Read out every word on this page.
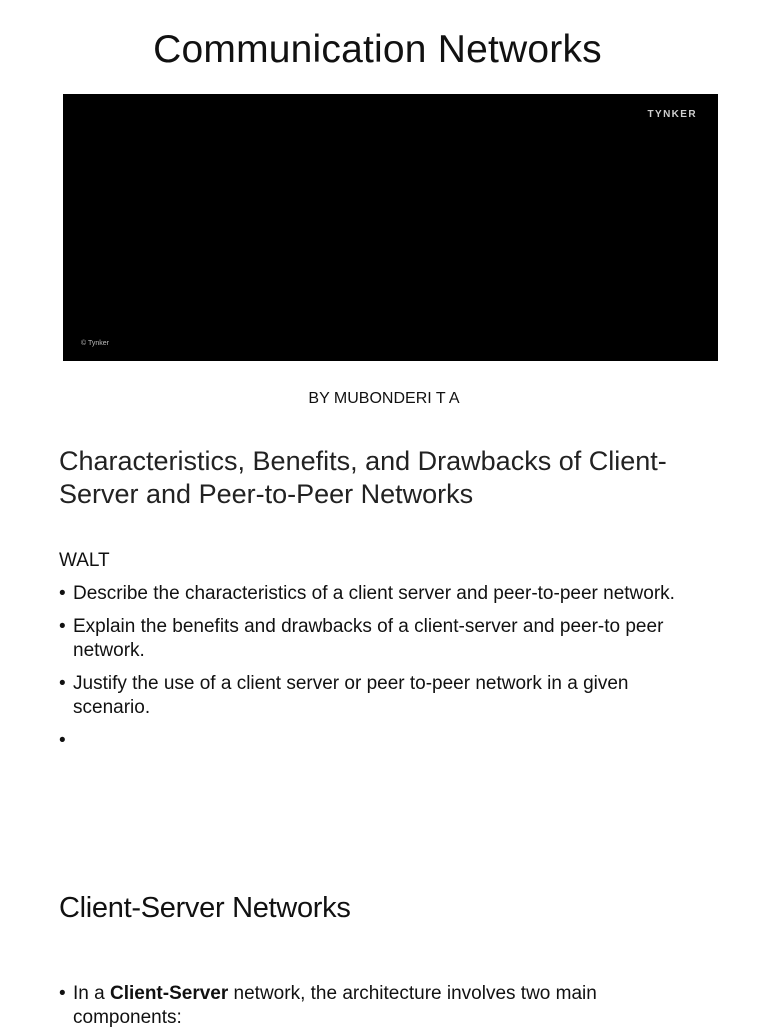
Communication Networks
TYNKER
© Tynker
BY MUBONDERI T A
Characteristics, Benefits, and Drawbacks of Client-Server and Peer-to-Peer Networks
WALT
• Describe the characteristics of a client server and peer-to-peer network.
• Explain the benefits and drawbacks of a client-server and peer-to peer network.
• Justify the use of a client server or peer to-peer network in a given scenario.
•
Client-Server Networks
• In a Client-Server network, the architecture involves two main components:
